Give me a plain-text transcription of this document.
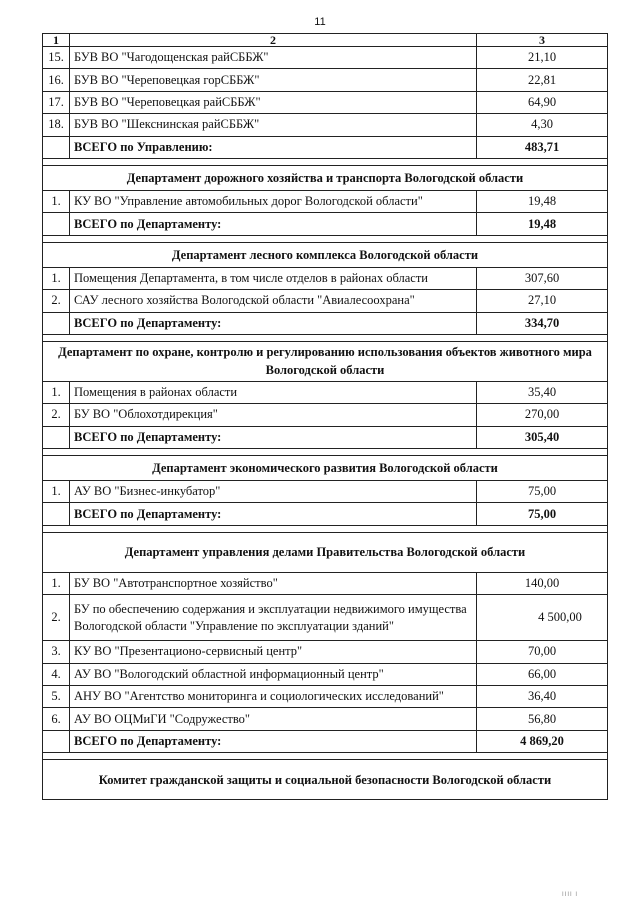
11
1	2	3
15.	БУВ ВО "Чагодощенская райСББЖ"	21,10
16.	БУВ ВО "Череповецкая горСББЖ"	22,81
17.	БУВ ВО "Череповецкая райСББЖ"	64,90
18.	БУВ ВО "Шекснинская райСББЖ"	4,30
	ВСЕГО по Управлению:	483,71

Департамент дорожного хозяйства и транспорта Вологодской области		
1.	КУ ВО "Управление автомобильных дорог Вологодской области"	19,48
	ВСЕГО по Департаменту:	19,48

Департамент лесного комплекса Вологодской области		
1.	Помещения Департамента, в том числе отделов в районах области	307,60
2.	САУ лесного хозяйства Вологодской области "Авиалесоохрана"	27,10
	ВСЕГО по Департаменту:	334,70

Департамент по охране, контролю и регулированию использования объектов животного мира Вологодской области		
1.	Помещения в районах области	35,40
2.	БУ ВО "Облохотдирекция"	270,00
	ВСЕГО по Департаменту:	305,40

Департамент экономического развития Вологодской области		
1.	АУ ВО "Бизнес-инкубатор"	75,00
	ВСЕГО по Департаменту:	75,00

Департамент управления делами Правительства Вологодской области		
1.	БУ ВО "Автотранспортное хозяйство"	140,00
2.	БУ по обеспечению содержания и эксплуатации недвижимого имущества Вологодской области "Управление по эксплуатации зданий"	4 500,00
3.	КУ ВО "Презентационо-сервисный центр"	70,00
4.	АУ ВО "Вологодский областной информационный центр"	66,00
5.	АНУ ВО "Агентство мониторинга и социологических исследований"	36,40
6.	АУ ВО ОЦМиГИ "Содружество"	56,80
	ВСЕГО по Департаменту:	4 869,20

Комитет гражданской защиты и социальной безопасности Вологодской области		
IIII I
